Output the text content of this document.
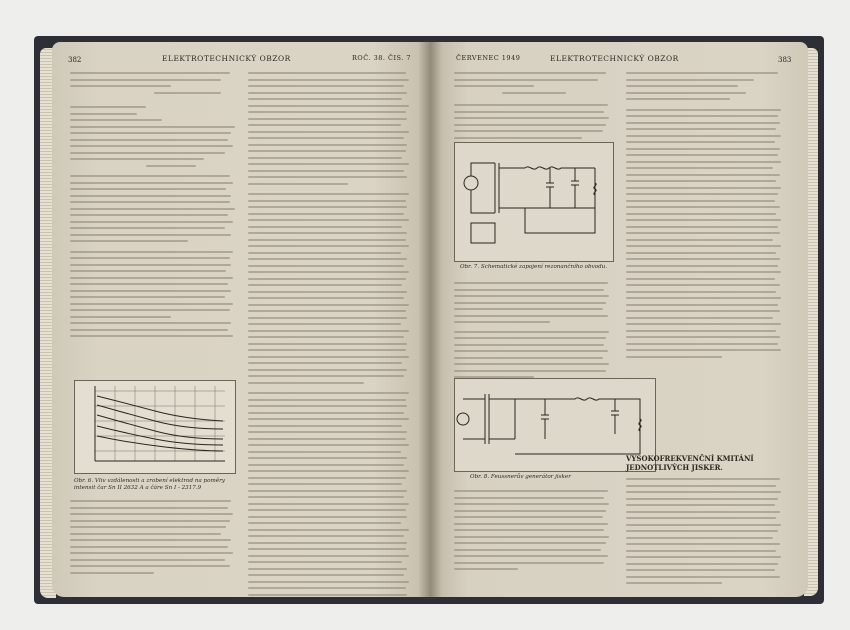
382	ELEKTROTECHNICKÝ OBZOR	ROČ. 38. ČIS. 7
Obr. 6. Vliv vzdálenosti a zrobení elektrod na poměry intensit čar Sn II 2632 A a čáre Sn I - 2317.9
ČERVENEC 1949	ELEKTROTECHNICKÝ OBZOR	383
Obr. 7. Schematické zapojení rezonančního obvodu.
Obr. 8. Feussnerův generátor jisker
VYSOKOFREKVENČNÍ KMITÁNÍ JEDNOTLIVÝCH JISKER.
